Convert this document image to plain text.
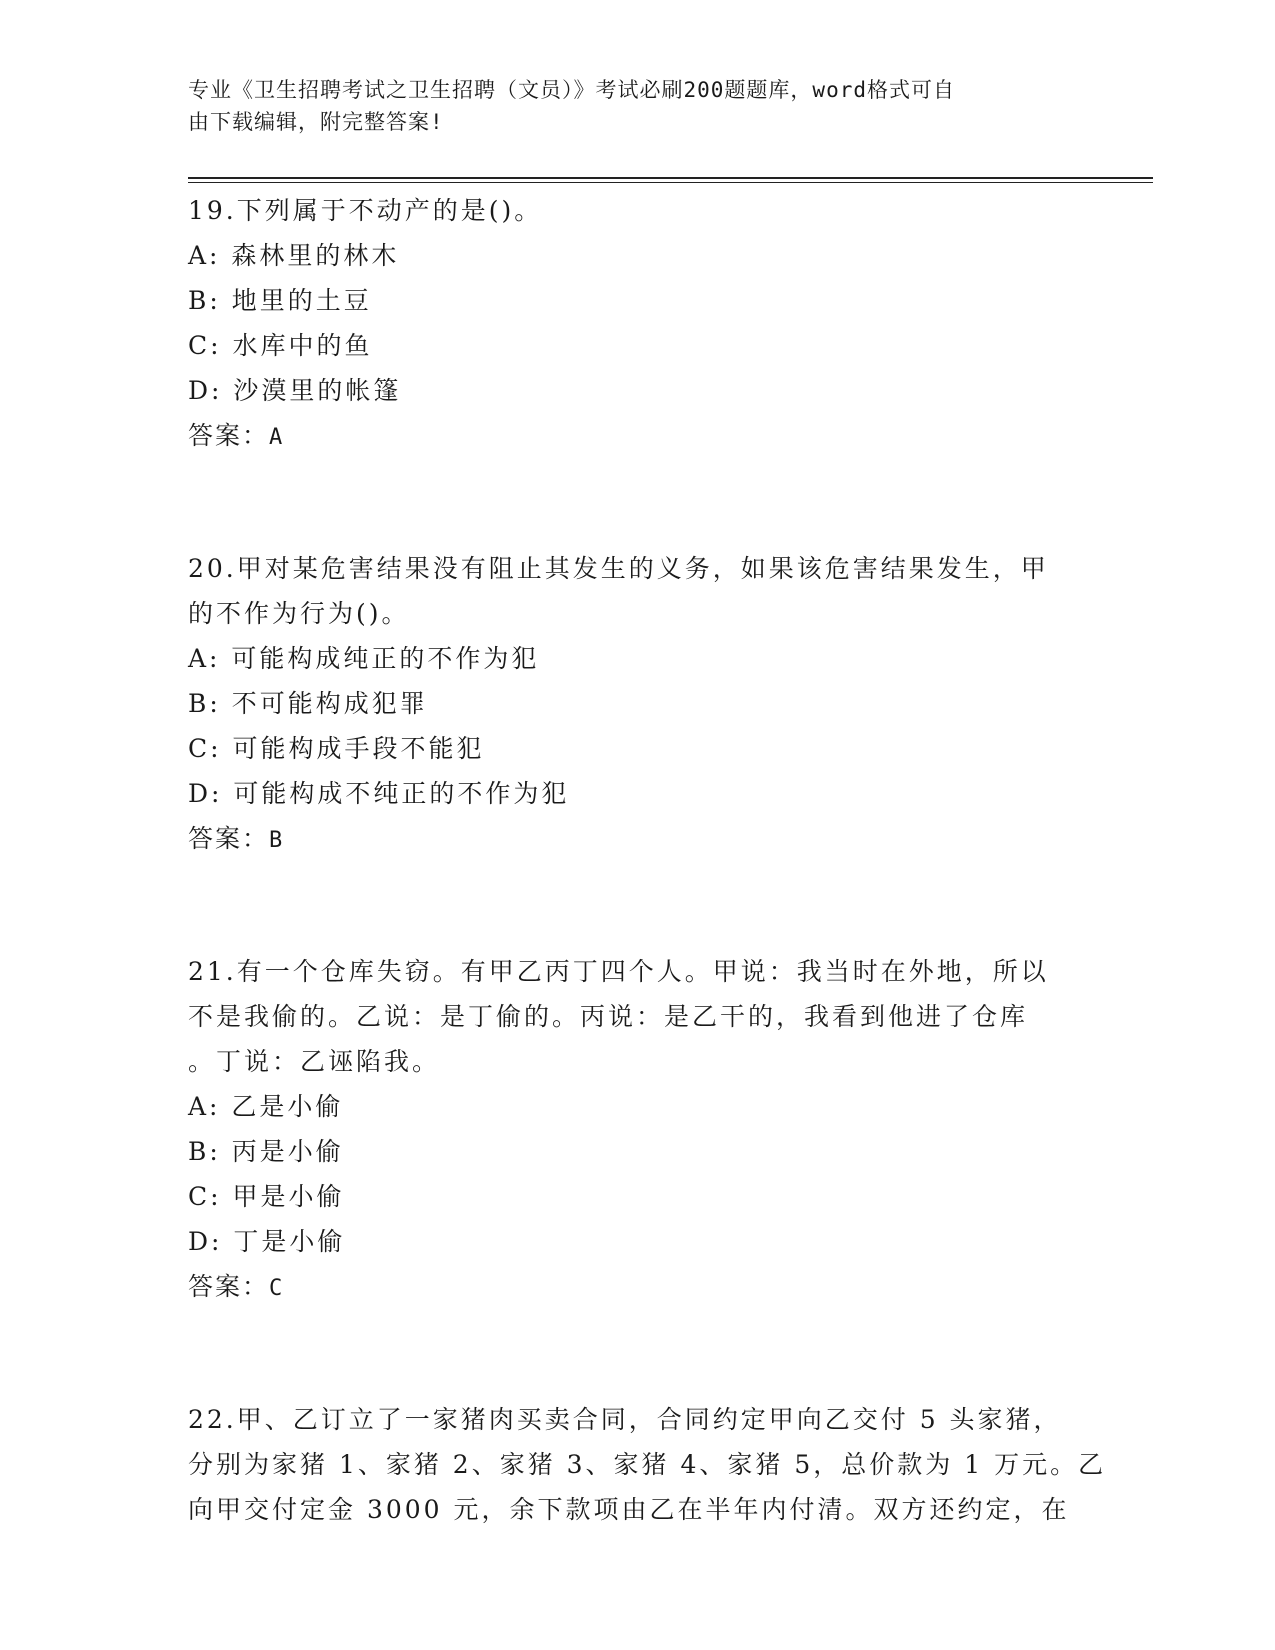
专业《卫生招聘考试之卫生招聘（文员）》考试必刷200题题库，word格式可自
由下载编辑，附完整答案!
19.下列属于不动产的是()。
A: 森林里的林木
B: 地里的土豆
C: 水库中的鱼
D: 沙漠里的帐篷
答案：A
20.甲对某危害结果没有阻止其发生的义务，如果该危害结果发生，甲
的不作为行为()。
A: 可能构成纯正的不作为犯
B: 不可能构成犯罪
C: 可能构成手段不能犯
D: 可能构成不纯正的不作为犯
答案：B
21.有一个仓库失窃。有甲乙丙丁四个人。甲说：我当时在外地，所以
不是我偷的。乙说：是丁偷的。丙说：是乙干的，我看到他进了仓库
。丁说：乙诬陷我。
A: 乙是小偷
B: 丙是小偷
C: 甲是小偷
D: 丁是小偷
答案：C
22.甲、乙订立了一家猪肉买卖合同，合同约定甲向乙交付 5 头家猪，
分别为家猪 1、家猪 2、家猪 3、家猪 4、家猪 5，总价款为 1 万元。乙
向甲交付定金 3000 元，余下款项由乙在半年内付清。双方还约定，在
